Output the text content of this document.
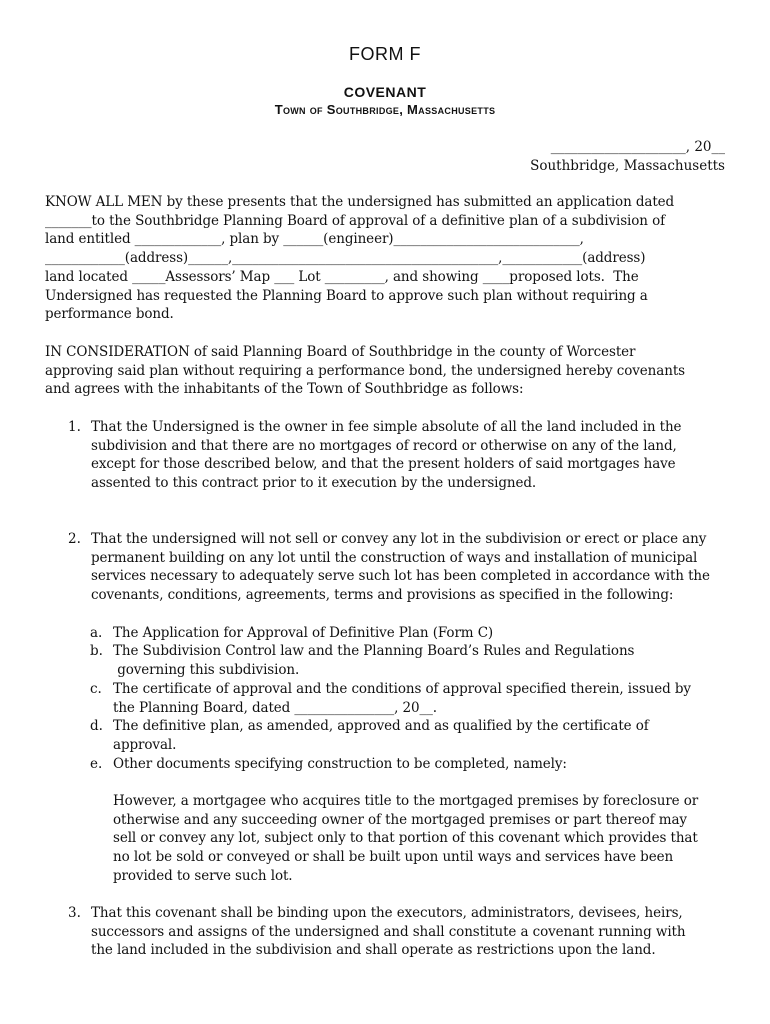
FORM F
COVENANT
Town of Southbridge, Massachusetts
____________________, 20__
Southbridge, Massachusetts
KNOW ALL MEN by these presents that the undersigned has submitted an application dated
_______to the Southbridge Planning Board of approval of a definitive plan of a subdivision of
land entitled _____________, plan by ______(engineer)____________________________,
____________(address)______,________________________________________,____________(address)
land located _____Assessors’ Map ___ Lot _________, and showing ____proposed lots.  The
Undersigned has requested the Planning Board to approve such plan without requiring a
performance bond.
IN CONSIDERATION of said Planning Board of Southbridge in the county of Worcester
approving said plan without requiring a performance bond, the undersigned hereby covenants
and agrees with the inhabitants of the Town of Southbridge as follows:
1. That the Undersigned is the owner in fee simple absolute of all the land included in the
subdivision and that there are no mortgages of record or otherwise on any of the land,
except for those described below, and that the present holders of said mortgages have
assented to this contract prior to it execution by the undersigned.
2. That the undersigned will not sell or convey any lot in the subdivision or erect or place any
permanent building on any lot until the construction of ways and installation of municipal
services necessary to adequately serve such lot has been completed in accordance with the
covenants, conditions, agreements, terms and provisions as specified in the following:
a. The Application for Approval of Definitive Plan (Form C)
b. The Subdivision Control law and the Planning Board’s Rules and Regulations
governing this subdivision.
c. The certificate of approval and the conditions of approval specified therein, issued by
the Planning Board, dated _______________, 20__.
d. The definitive plan, as amended, approved and as qualified by the certificate of
approval.
e. Other documents specifying construction to be completed, namely:
However, a mortgagee who acquires title to the mortgaged premises by foreclosure or
otherwise and any succeeding owner of the mortgaged premises or part thereof may
sell or convey any lot, subject only to that portion of this covenant which provides that
no lot be sold or conveyed or shall be built upon until ways and services have been
provided to serve such lot.
3. That this covenant shall be binding upon the executors, administrators, devisees, heirs,
successors and assigns of the undersigned and shall constitute a covenant running with
the land included in the subdivision and shall operate as restrictions upon the land.
